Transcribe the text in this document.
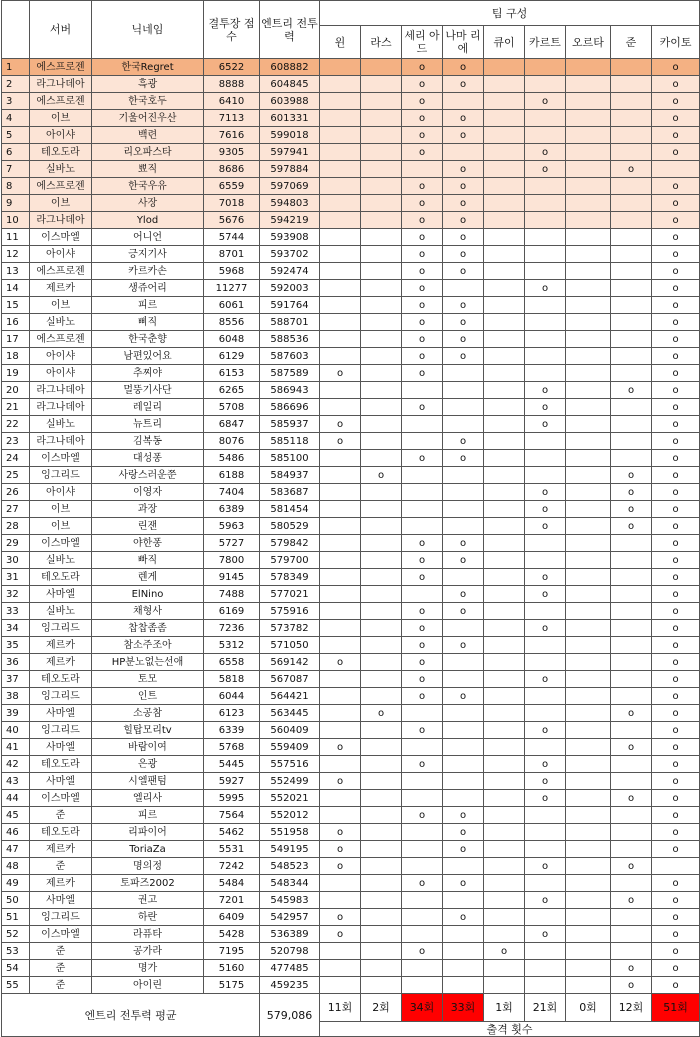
	서버	닉네임	결투장 점수	엔트리 전투력	팀 구성								
					윈	라스	세리 아드	나마 리에	큐이	카르트	오르타	준	카이토
1	에스프로젠	한국Regret	6522	608882			o	o					o
2	라그나데아	흑광	8888	604845			o	o					o
3	에스프로젠	한국호두	6410	603988			o			o			o
4	이브	기울어진우산	7113	601331			o	o					o
5	아이샤	백련	7616	599018			o	o					o
6	테오도라	리오파스타	9305	597941			o			o			o
7	실바노	뾰직	8686	597884				o		o		o	
8	에스프로젠	한국우유	6559	597069			o	o					o
9	이브	사장	7018	594803			o	o					o
10	라그나데아	Ylod	5676	594219			o	o					o
11	이스마엘	어니언	5744	593908			o	o					o
12	아이샤	긍지기사	8701	593702			o	o					o
13	에스프로젠	카르카손	5968	592474			o	o					o
14	제르카	생쥬어리	11277	592003			o			o			o
15	이브	피르	6061	591764			o	o					o
16	실바노	삐직	8556	588701			o	o					o
17	에스프로젠	한국춘향	6048	588536			o	o					o
18	아이샤	남편있어요	6129	587603			o	o					o
19	아이샤	추찌야	6153	587589	o		o						o
20	라그나데아	멀뚱기사단	6265	586943						o		o	o
21	라그나데아	레일리	5708	586696			o			o			o
22	실바노	뉴트리	6847	585937	o					o			o
23	라그나데아	김복동	8076	585118	o			o					o
24	이스마엘	대성퐁	5486	585100			o	o					o
25	잉그리드	사랑스러운쭌	6188	584937		o						o	o
26	아이샤	이영자	7404	583687						o		o	o
27	이브	과장	6389	581454						o		o	o
28	이브	린잰	5963	580529						o		o	o
29	이스마엘	야한퐁	5727	579842			o	o					o
30	실바노	빠직	7800	579700			o	o					o
31	테오도라	렌게	9145	578349			o			o			o
32	사마엘	ElNino	7488	577021				o		o			o
33	실바노	채형사	6169	575916			o	o					o
34	잉그리드	찹찹좀좀	7236	573782			o			o			o
35	제르카	참소주조아	5312	571050			o	o					o
36	제르카	HP분노없는선애	6558	569142	o		o						o
37	테오도라	토모	5818	567087			o			o			o
38	잉그리드	인트	6044	564421			o	o					o
39	사마엘	소공참	6123	563445		o						o	o
40	잉그리드	힐탑모리tv	6339	560409			o			o			o
41	사마엘	바람이여	5768	559409	o							o	o
42	테오도라	은광	5445	557516			o			o			o
43	사마엘	시엘팬텀	5927	552499	o					o			o
44	이스마엘	엘리사	5995	552021						o		o	o
45	준	피르	7564	552012			o	o					o
46	테오도라	리파이어	5462	551958	o			o					o
47	제르카	ToriaZa	5531	549195	o			o					o
48	준	명의정	7242	548523	o					o		o	
49	제르카	토파즈2002	5484	548344			o	o					o
50	사마엘	권고	7201	545983						o		o	o
51	잉그리드	하란	6409	542957	o			o					o
52	이스마엘	라퓨타	5428	536389	o					o			o
53	준	공가라	7195	520798			o		o				o
54	준	명가	5160	477485								o	o
55	준	아이린	5175	459235								o	o
엔트리 전투력 평균				579,086	11회	2회	34회	33회	1회	21회	0회	12회	51회
					출격 횟수								
